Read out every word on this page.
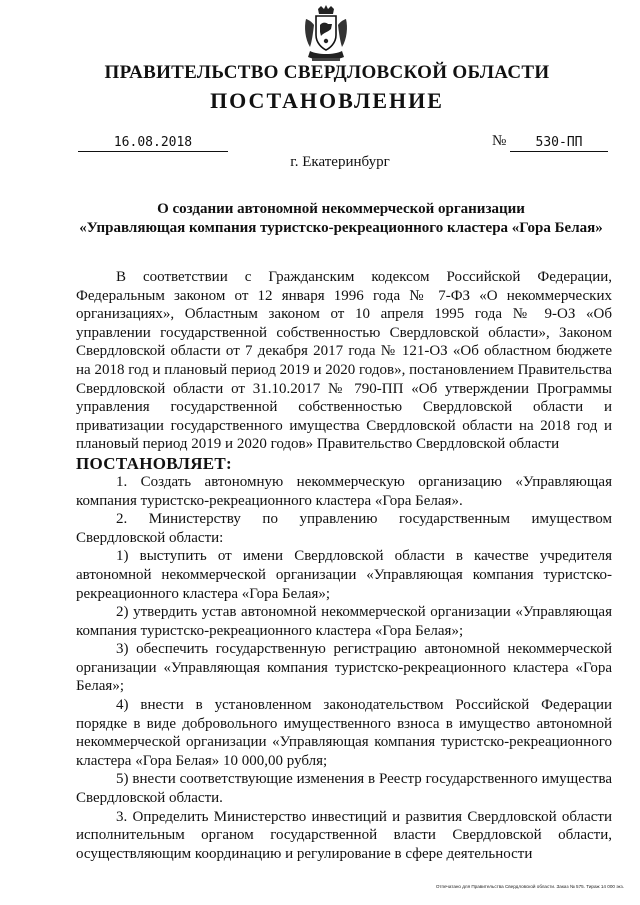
ПРАВИТЕЛЬСТВО СВЕРДЛОВСКОЙ ОБЛАСТИ
ПОСТАНОВЛЕНИЕ
16.08.2018	№	530-ПП
г. Екатеринбург
О создании автономной некоммерческой организации
«Управляющая компания туристско-рекреационного кластера «Гора Белая»

В соответствии с Гражданским кодексом Российской Федерации, Федеральным законом от 12 января 1996 года № 7-ФЗ «О некоммерческих организациях», Областным законом от 10 апреля 1995 года № 9-ОЗ «Об управлении государственной собственностью Свердловской области», Законом Свердловской области от 7 декабря 2017 года № 121-ОЗ «Об областном бюджете на 2018 год и плановый период 2019 и 2020 годов», постановлением Правительства Свердловской области от 31.10.2017 № 790-ПП «Об утверждении Программы управления государственной собственностью Свердловской области и приватизации государственного имущества Свердловской области на 2018 год и плановый период 2019 и 2020 годов» Правительство Свердловской области

ПОСТАНОВЛЯЕТ:

1. Создать автономную некоммерческую организацию «Управляющая компания туристско-рекреационного кластера «Гора Белая».

2. Министерству по управлению государственным имуществом Свердловской области:

1) выступить от имени Свердловской области в качестве учредителя автономной некоммерческой организации «Управляющая компания туристско-рекреационного кластера «Гора Белая»;

2) утвердить устав автономной некоммерческой организации «Управляющая компания туристско-рекреационного кластера «Гора Белая»;

3) обеспечить государственную регистрацию автономной некоммерческой организации «Управляющая компания туристско-рекреационного кластера «Гора Белая»;

4) внести в установленном законодательством Российской Федерации порядке в виде добровольного имущественного взноса в имущество автономной некоммерческой организации «Управляющая компания туристско-рекреационного кластера «Гора Белая» 10 000,00 рубля;

5) внести соответствующие изменения в Реестр государственного имущества Свердловской области.

3. Определить Министерство инвестиций и развития Свердловской области исполнительным органом государственной власти Свердловской области, осуществляющим координацию и регулирование в сфере деятельности

Отпечатано для Правительства Свердловской области. Заказ № 575. Тираж 14 000 экз.
